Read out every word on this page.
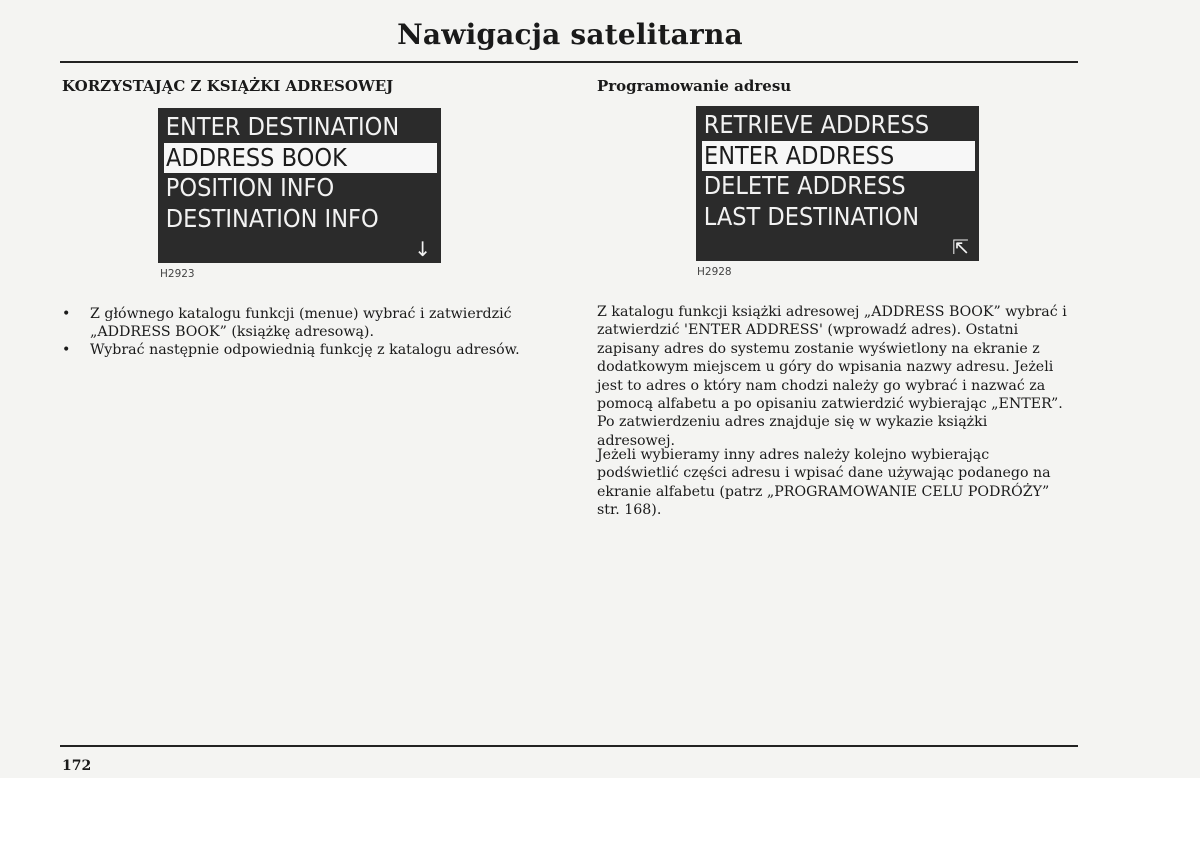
Nawigacja satelitarna
KORZYSTAJĄC Z KSIĄŻKI ADRESOWEJ
ENTER DESTINATION
ADDRESS BOOK
POSITION INFO
DESTINATION INFO
↓
H2923
• Z głównego katalogu funkcji (menue) wybrać i zatwierdzić „ADDRESS BOOK” (książkę adresową).
• Wybrać następnie odpowiednią funkcję z katalogu adresów.
Programowanie adresu
RETRIEVE ADDRESS
ENTER ADDRESS
DELETE ADDRESS
LAST DESTINATION
⇱
H2928

Z katalogu funkcji książki adresowej „ADDRESS BOOK” wybrać i zatwierdzić 'ENTER ADDRESS' (wprowadź adres). Ostatni zapisany adres do systemu zostanie wyświetlony na ekranie z dodatkowym miejscem u góry do wpisania nazwy adresu. Jeżeli jest to adres o który nam chodzi należy go wybrać i nazwać za pomocą alfabetu a po opisaniu zatwierdzić wybierając „ENTER”. Po zatwierdzeniu adres znajduje się w wykazie książki adresowej.

Jeżeli wybieramy inny adres należy kolejno wybierając podświetlić części adresu i wpisać dane używając podanego na ekranie alfabetu (patrz „PROGRAMOWANIE CELU PODRÓŻY” str. 168).

172
